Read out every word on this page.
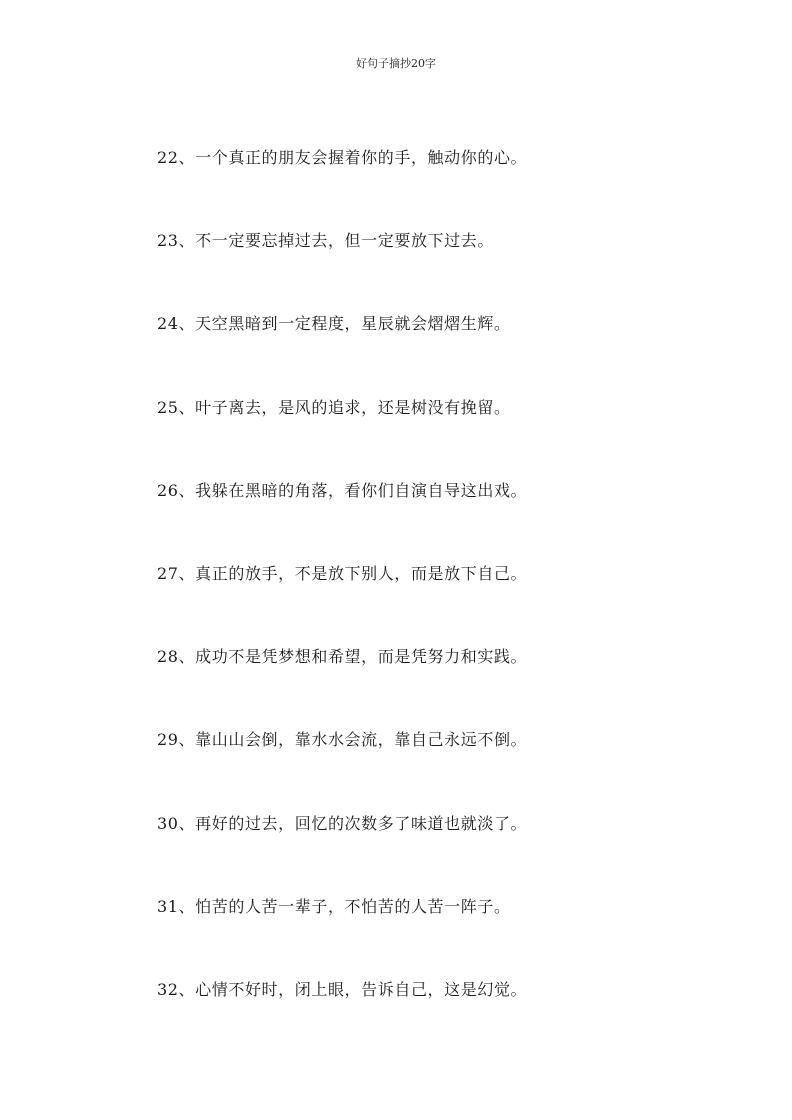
好句子摘抄20字
22、一个真正的朋友会握着你的手，触动你的心。
23、不一定要忘掉过去，但一定要放下过去。
24、天空黑暗到一定程度，星辰就会熠熠生辉。
25、叶子离去，是风的追求，还是树没有挽留。
26、我躲在黑暗的角落，看你们自演自导这出戏。
27、真正的放手，不是放下别人，而是放下自己。
28、成功不是凭梦想和希望，而是凭努力和实践。
29、靠山山会倒，靠水水会流，靠自己永远不倒。
30、再好的过去，回忆的次数多了味道也就淡了。
31、怕苦的人苦一辈子，不怕苦的人苦一阵子。
32、心情不好时，闭上眼，告诉自己，这是幻觉。
